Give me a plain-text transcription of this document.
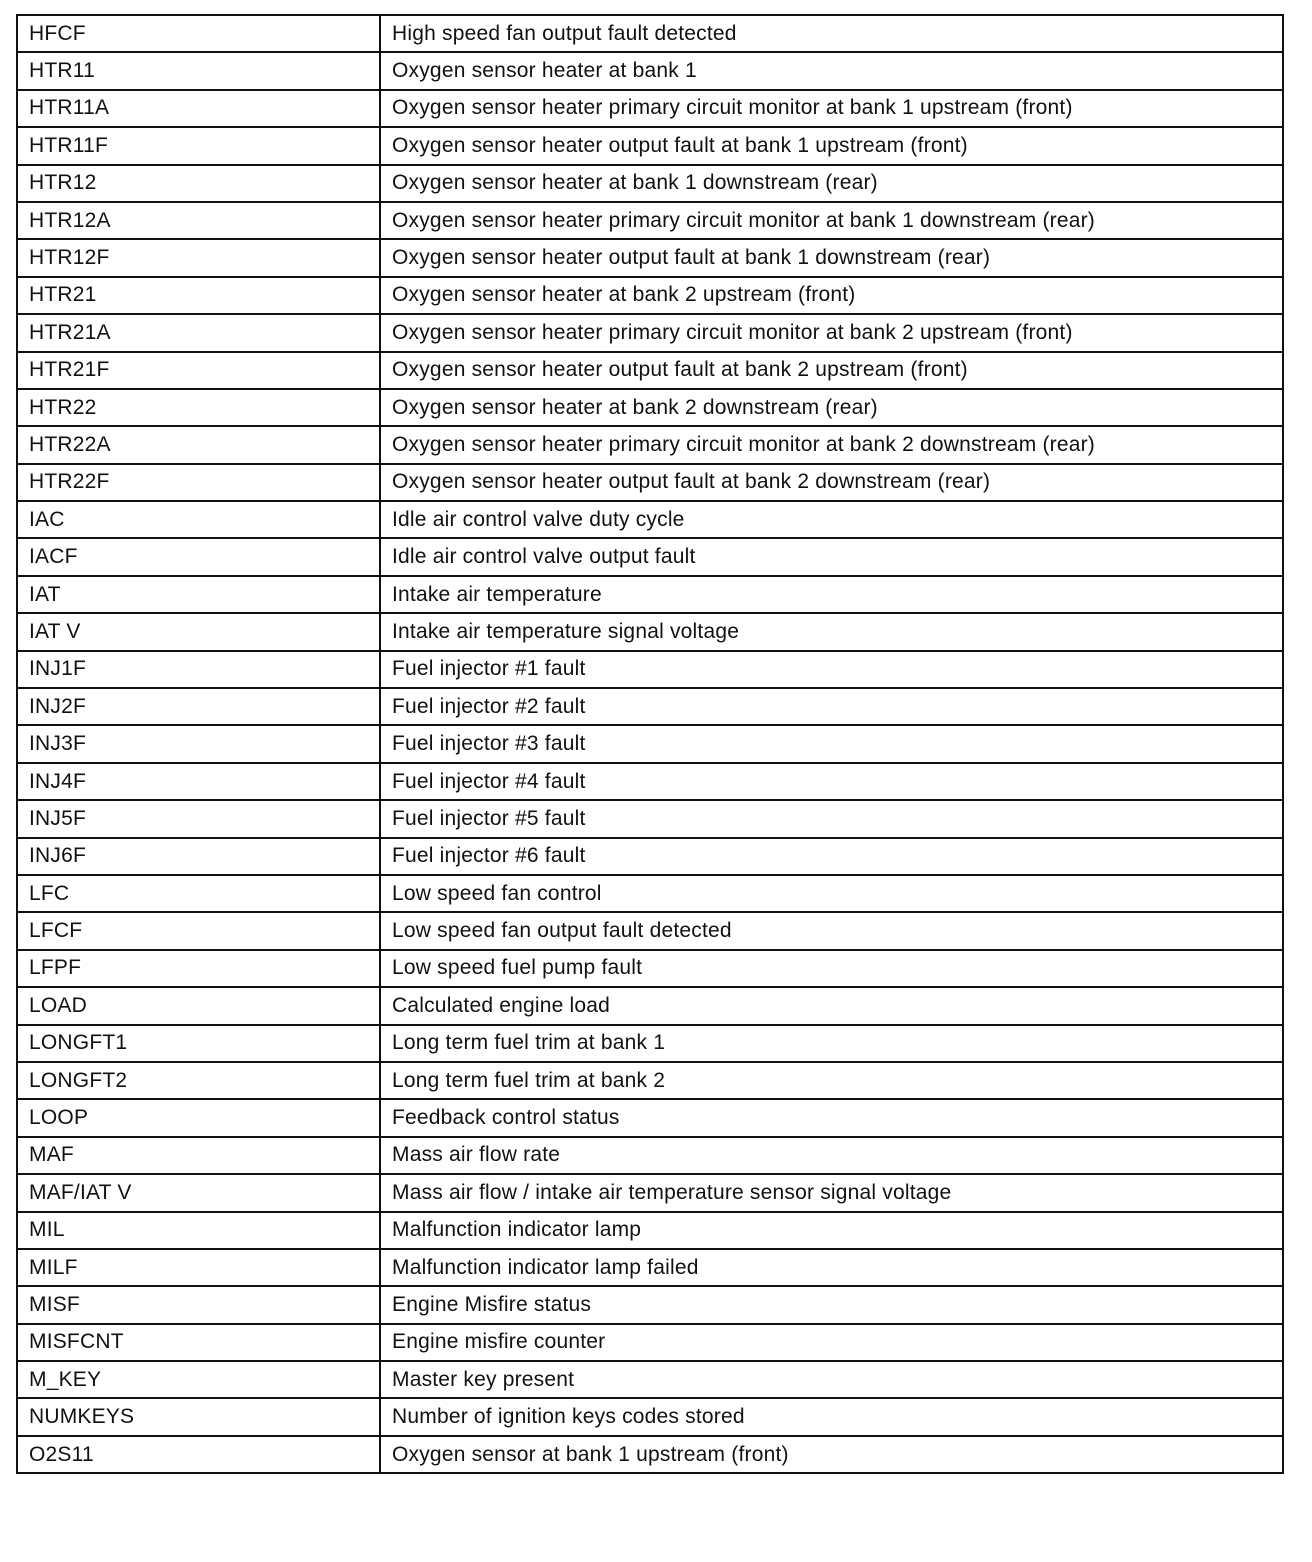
HFCF	High speed fan output fault detected
HTR11	Oxygen sensor heater at bank 1
HTR11A	Oxygen sensor heater primary circuit monitor at bank 1 upstream (front)
HTR11F	Oxygen sensor heater output fault at bank 1 upstream (front)
HTR12	Oxygen sensor heater at bank 1 downstream (rear)
HTR12A	Oxygen sensor heater primary circuit monitor at bank 1 downstream (rear)
HTR12F	Oxygen sensor heater output fault at bank 1 downstream (rear)
HTR21	Oxygen sensor heater at bank 2 upstream (front)
HTR21A	Oxygen sensor heater primary circuit monitor at bank 2 upstream (front)
HTR21F	Oxygen sensor heater output fault at bank 2 upstream (front)
HTR22	Oxygen sensor heater at bank 2 downstream (rear)
HTR22A	Oxygen sensor heater primary circuit monitor at bank 2 downstream (rear)
HTR22F	Oxygen sensor heater output fault at bank 2 downstream (rear)
IAC	Idle air control valve duty cycle
IACF	Idle air control valve output fault
IAT	Intake air temperature
IAT V	Intake air temperature signal voltage
INJ1F	Fuel injector #1 fault
INJ2F	Fuel injector #2 fault
INJ3F	Fuel injector #3 fault
INJ4F	Fuel injector #4 fault
INJ5F	Fuel injector #5 fault
INJ6F	Fuel injector #6 fault
LFC	Low speed fan control
LFCF	Low speed fan output fault detected
LFPF	Low speed fuel pump fault
LOAD	Calculated engine load
LONGFT1	Long term fuel trim at bank 1
LONGFT2	Long term fuel trim at bank 2
LOOP	Feedback control status
MAF	Mass air flow rate
MAF/IAT V	Mass air flow / intake air temperature sensor signal voltage
MIL	Malfunction indicator lamp
MILF	Malfunction indicator lamp failed
MISF	Engine Misfire status
MISFCNT	Engine misfire counter
M_KEY	Master key present
NUMKEYS	Number of ignition keys codes stored
O2S11	Oxygen sensor at bank 1 upstream (front)
